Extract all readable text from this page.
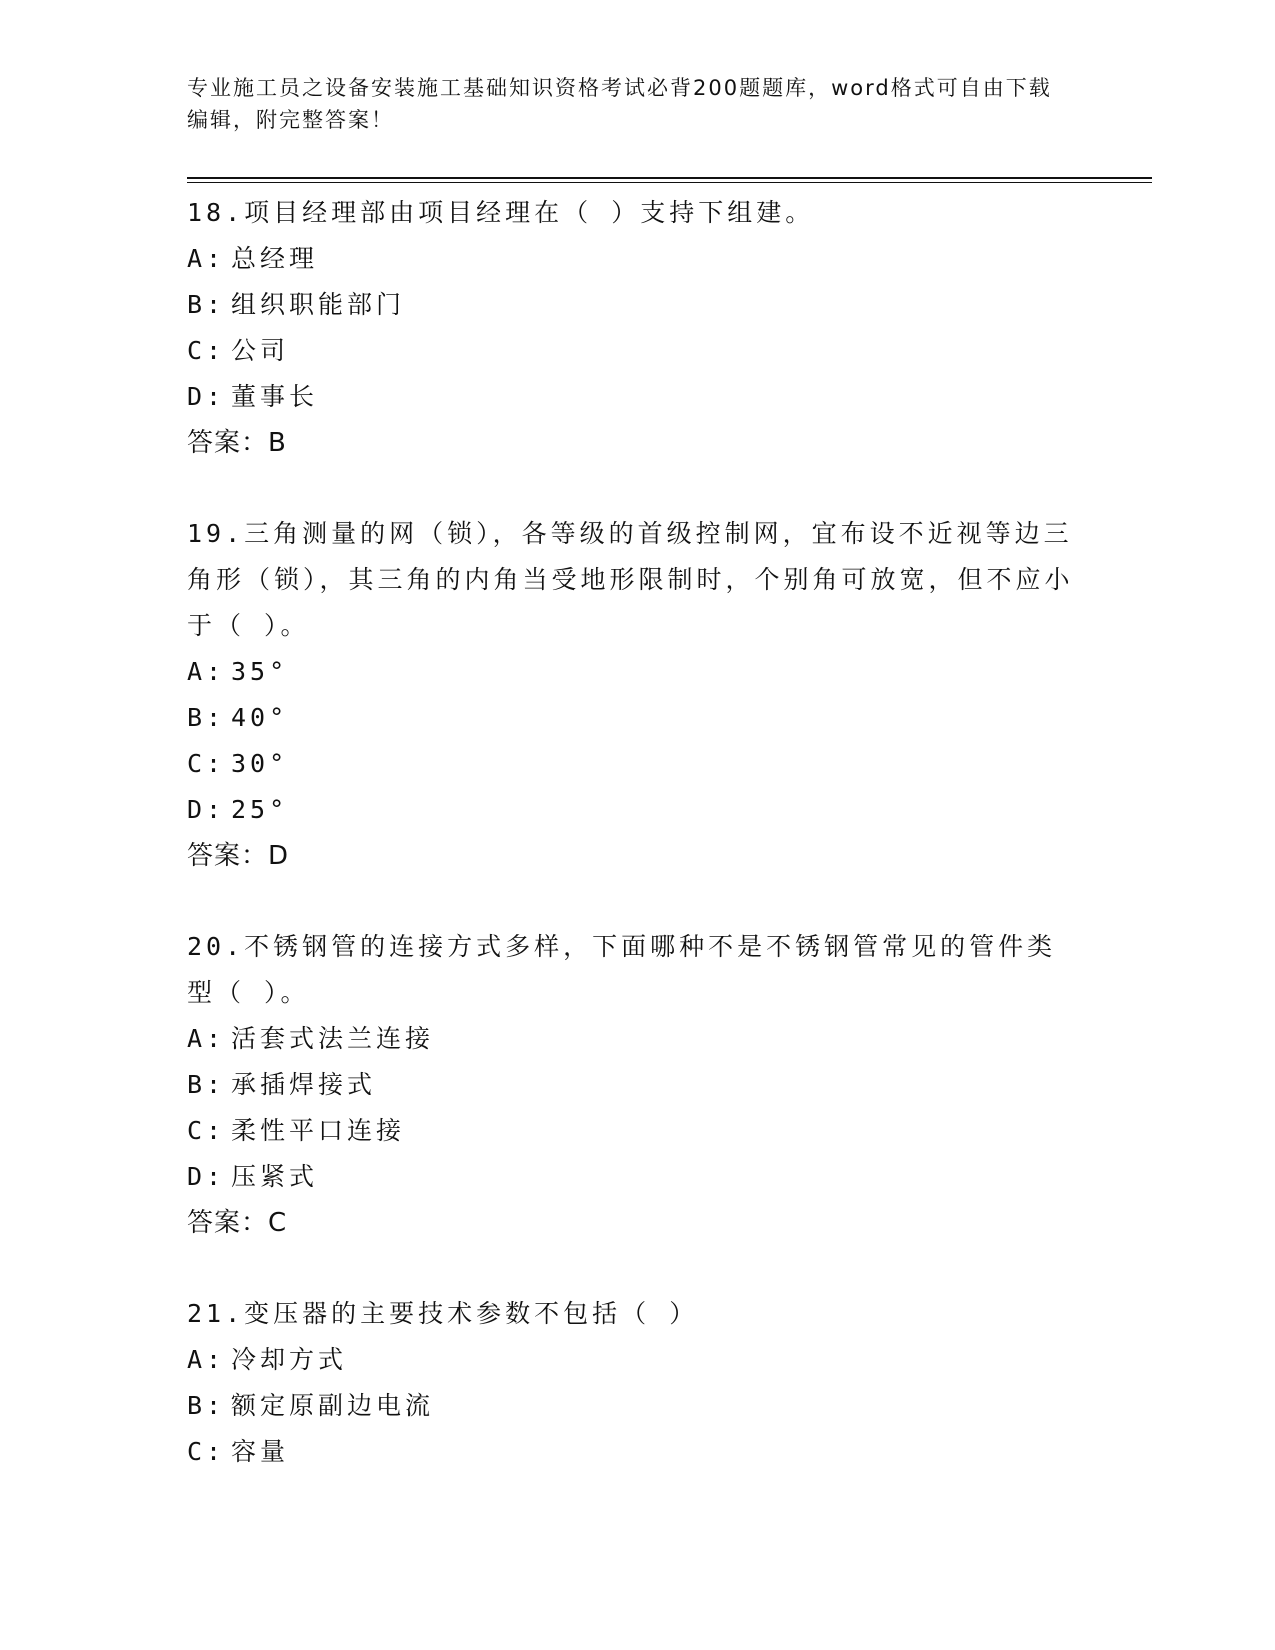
专业施工员之设备安装施工基础知识资格考试必背200题题库，word格式可自由下载编辑，附完整答案！
18.项目经理部由项目经理在（ ）支持下组建。
A: 总经理
B: 组织职能部门
C: 公司
D: 董事长
答案：B
19.三角测量的网（锁），各等级的首级控制网，宜布设不近视等边三角形（锁），其三角的内角当受地形限制时，个别角可放宽，但不应小于（ ）。
A: 35°
B: 40°
C: 30°
D: 25°
答案：D
20.不锈钢管的连接方式多样，下面哪种不是不锈钢管常见的管件类型（ ）。
A: 活套式法兰连接
B: 承插焊接式
C: 柔性平口连接
D: 压紧式
答案：C
21.变压器的主要技术参数不包括（ ）
A: 冷却方式
B: 额定原副边电流
C: 容量
